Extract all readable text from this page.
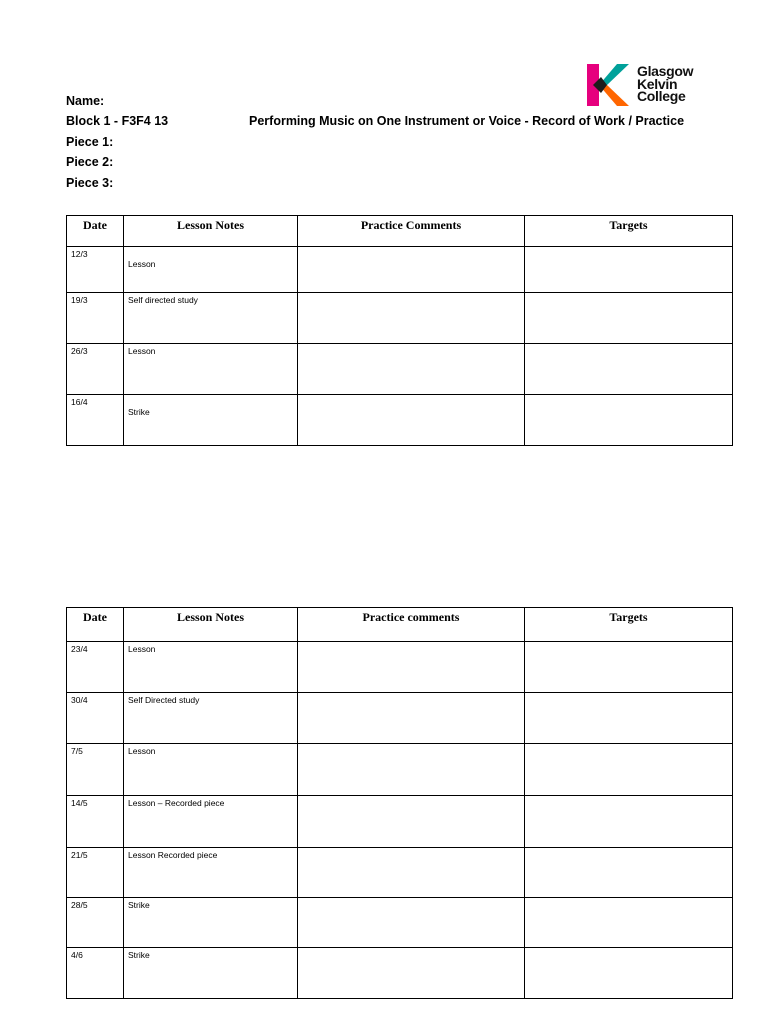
Glasgow
Kelvin
College
Name:
Block 1 - F3F4 13
Piece 1:
Piece 2:
Piece 3:
Performing Music on One Instrument or Voice - Record of Work / Practice
Date	Lesson Notes	Practice Comments	Targets

12/3	Lesson		

19/3	Self directed study		

26/3	Lesson		

16/4	Strike		

Date	Lesson Notes	Practice comments	Targets

23/4	Lesson		

30/4	Self Directed study		

7/5	Lesson		

14/5	Lesson – Recorded piece		

21/5	Lesson Recorded piece		

28/5	Strike		

4/6	Strike		
